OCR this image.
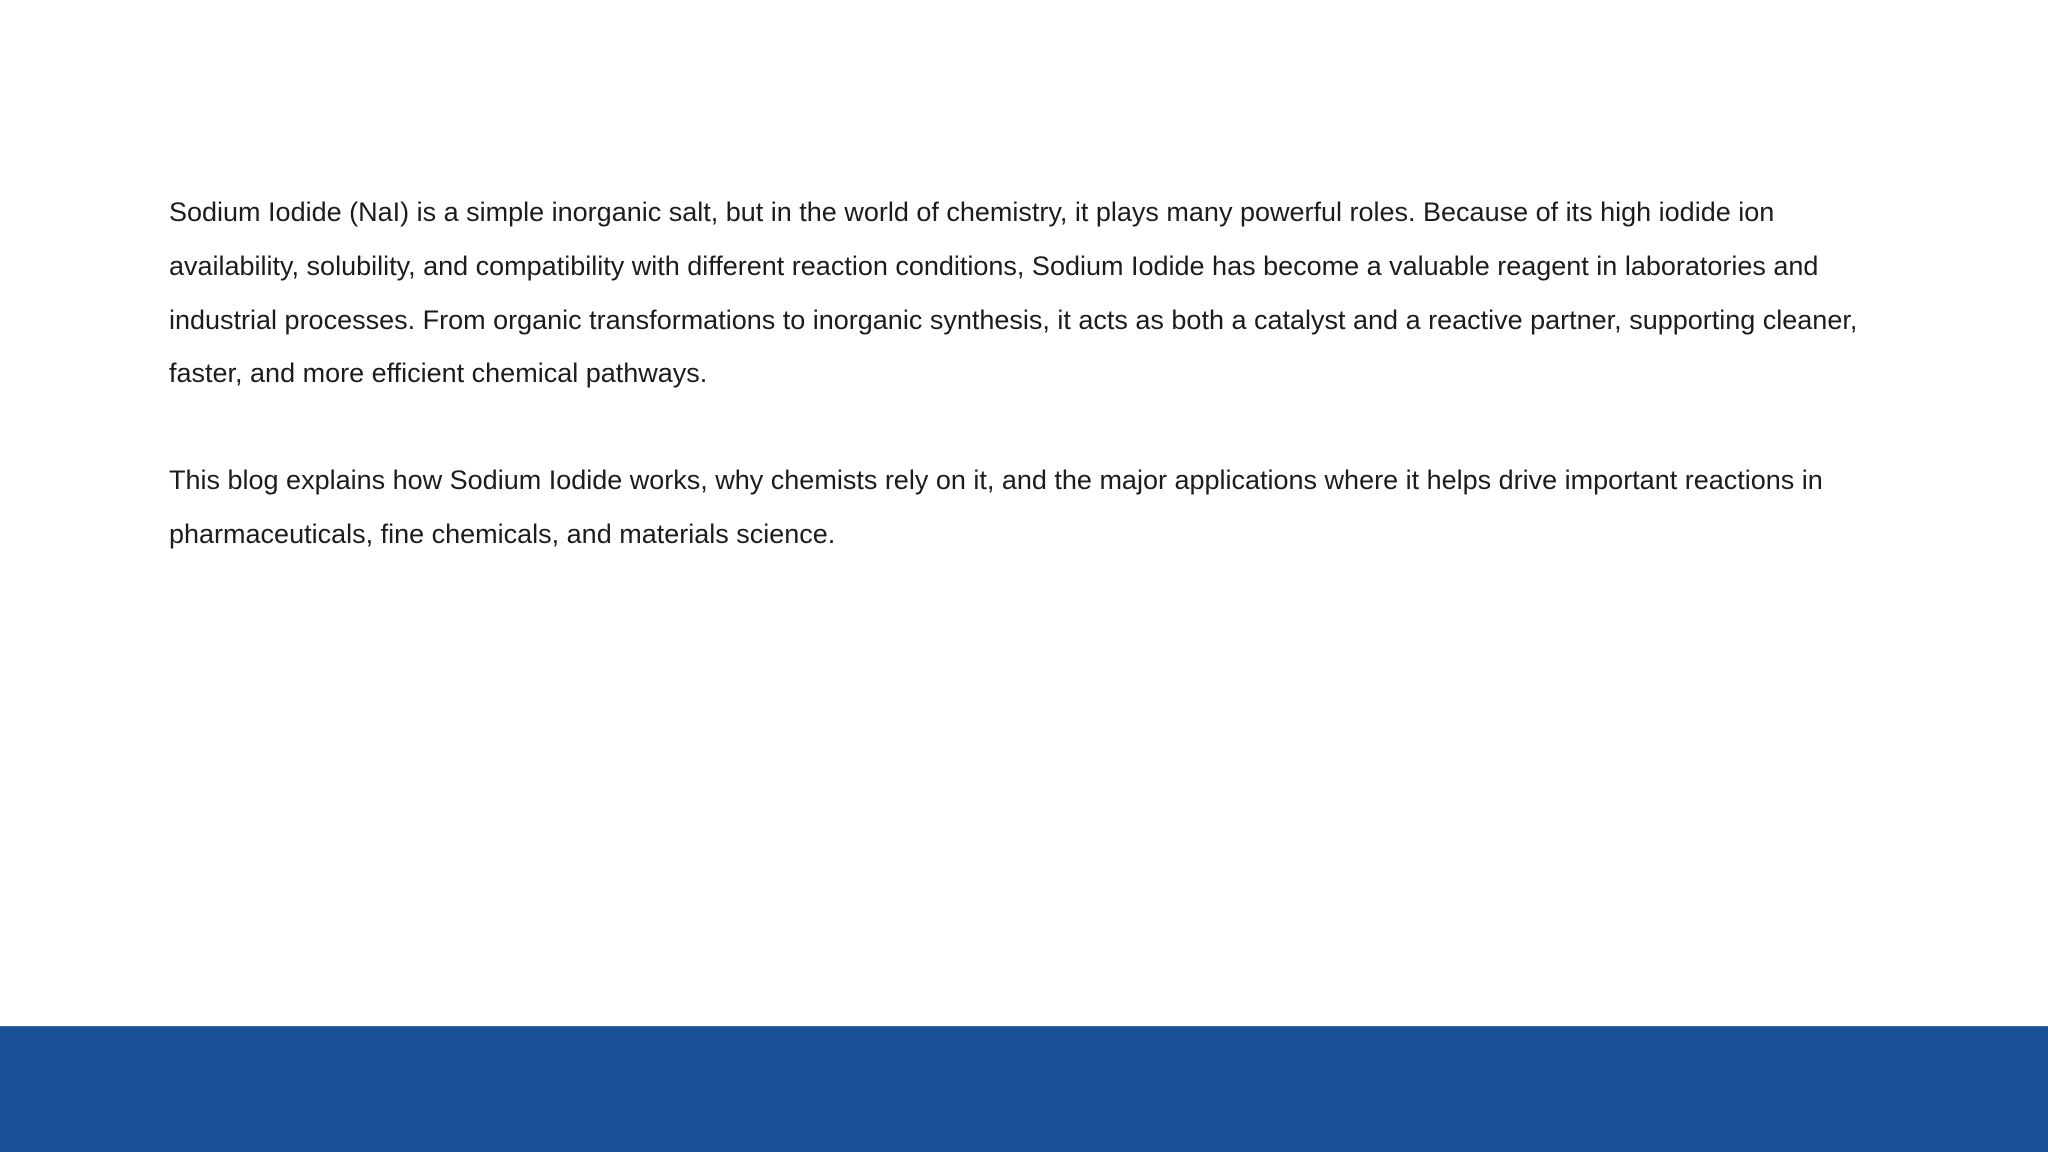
Sodium Iodide (NaI) is a simple inorganic salt, but in the world of chemistry, it plays many powerful roles. Because of its high iodide ion availability, solubility, and compatibility with different reaction conditions, Sodium Iodide has become a valuable reagent in laboratories and industrial processes. From organic transformations to inorganic synthesis, it acts as both a catalyst and a reactive partner, supporting cleaner, faster, and more efficient chemical pathways.

This blog explains how Sodium Iodide works, why chemists rely on it, and the major applications where it helps drive important reactions in pharmaceuticals, fine chemicals, and materials science.
